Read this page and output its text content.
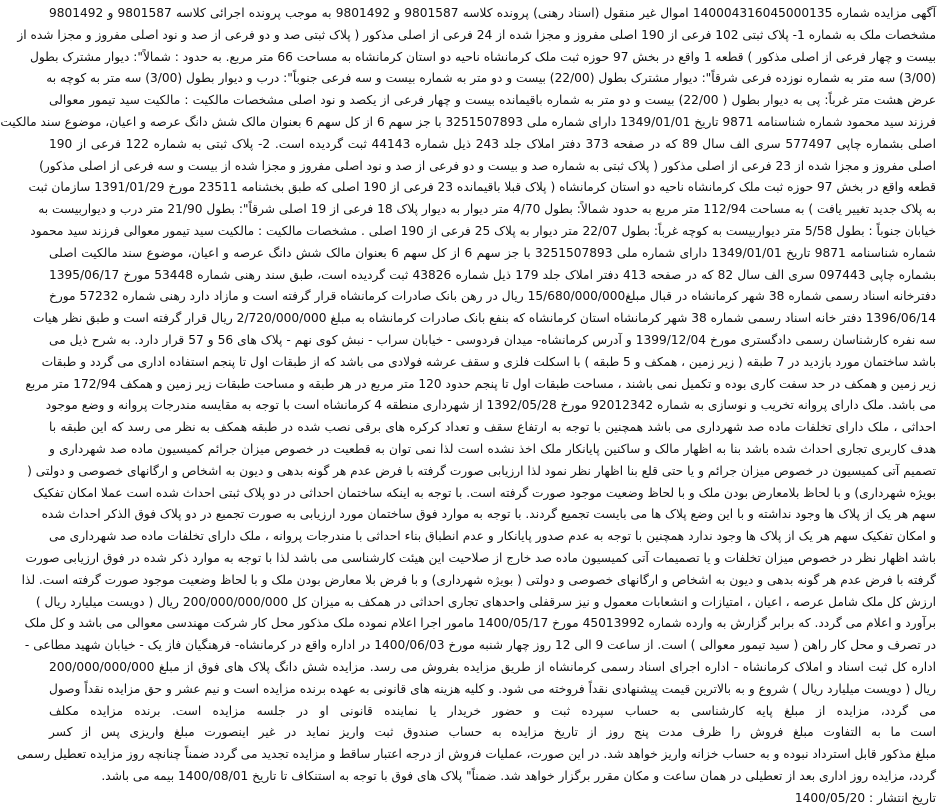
آگهی مزایده شماره 1400043160450001​35 اموال غیر منقول (اسناد رهنی) پرونده کلاسه 9801587 و 9801492 به موجب پرونده اجرائی کلاسه 9801587 و 9801492
مشخصات ملک به شماره 1- پلاک ثبتی 102 فرعی از 190 اصلی مفروز و مجزا شده از 24 فرعی از اصلی مذکور ( پلاک ثبتی صد و دو فرعی از صد و نود اصلی مفروز و مجزا شده از
بیست و چهار فرعی از اصلی مذکور ) قطعه 1 واقع در بخش 97 حوزه ثبت ملک کرمانشاه ناحیه دو استان کرمانشاه به مساحت 66 متر مربع. به حدود : شمالاً": دیوار مشترک بطول
(3/00) سه متر به شماره نوزده فرعی شرقاً": دیوار مشترک بطول (22/00) بیست و دو متر به شماره بیست و سه فرعی جنوباً": درب و دیوار بطول (3/00) سه متر به کوچه به
عرض هشت متر غرباً: پی به دیوار بطول ( 22/00) بیست و دو متر به شماره باقیمانده بیست و چهار فرعی از یکصد و نود اصلی مشخصات مالکیت : مالکیت سید تیمور معوالی
فرزند سید محمود شماره شناسنامه 9871 تاریخ 1349/01/01 دارای شماره ملی 3251507893 با جز سهم 6 از کل سهم 6 بعنوان مالک شش دانگ عرصه و اعیان، موضوع سند مالکیت
اصلی بشماره چاپی 577497 سری الف سال 89 که در صفحه 373 دفتر املاک جلد 243 ذیل شماره 44143 ثبت گردیده است. 2- پلاک ثبتی به شماره 122 فرعی از 190
اصلی مفروز و مجزا شده از 23 فرعی از اصلی مذکور ( پلاک ثبتی به شماره صد و بیست و دو فرعی از صد و نود اصلی مفروز و مجزا شده از بیست و سه فرعی از اصلی مذکور)
قطعه واقع در بخش 97 حوزه ثبت ملک کرمانشاه ناحیه دو استان کرمانشاه ( پلاک قبلا باقیمانده 23 فرعی از 190 اصلی که طبق بخشنامه 23511 مورخ 1391/01/29 سازمان ثبت
به پلاک جدید تغییر یافت ) به مساحت 112/94 متر مربع به حدود شمالاً: بطول 4/70 متر دیوار به دیوار پلاک 18 فرعی از 19 اصلی شرقاً": بطول 21/90 متر درب و دیواربیست به
خیابان جنوباً : بطول 5/58 متر دیواربیست به کوچه غرباً: بطول 22/07 متر دیوار به پلاک 25 فرعی از 190 اصلی . مشخصات مالکیت : مالکیت سید تیمور معوالی فرزند سید محمود
شماره شناسنامه 9871 تاریخ 1349/01/01 دارای شماره ملی 3251507893 با جز سهم 6 از کل سهم 6 بعنوان مالک شش دانگ عرصه و اعیان، موضوع سند مالکیت اصلی
بشماره چاپی 097443 سری الف سال 82 که در صفحه 413 دفتر املاک جلد 179 ذیل شماره 43826 ثبت گردیده است، طبق سند رهنی شماره 53448 مورخ 1395/06/17
دفترخانه اسناد رسمی شماره 38 شهر کرمانشاه در قبال مبلغ15/680/000/000 ریال در رهن بانک صادرات کرمانشاه قرار گرفته است و مازاد دارد رهنی شماره 57232 مورخ
1396/06/14 دفتر خانه اسناد رسمی شماره 38 شهر کرمانشاه استان کرمانشاه که بنفع بانک صادرات کرمانشاه به مبلغ 2/720/000/000 ریال قرار گرفته است و طبق نظر هیات
سه نفره کارشناسان رسمی دادگستری مورخ 1399/12/04 و آدرس کرمانشاه- میدان فردوسی - خیابان سراب - نبش کوی نهم - پلاک های 56 و 57 قرار دارد. به شرح ذیل می
باشد ساختمان مورد بازدید در 7 طبقه ( زیر زمین ، همکف و 5 طبقه ) با اسکلت فلزی و سقف عرشه فولادی می باشد که از طبقات اول تا پنجم استفاده اداری می گردد و طبقات
زیر زمین و همکف در حد سفت کاری بوده و تکمیل نمی باشند ، مساحت طبقات اول تا پنجم حدود 120 متر مربع در هر طبقه و مساحت طبقات زیر زمین و همکف 172/94 متر مربع
می باشد. ملک دارای پروانه تخریب و نوسازی به شماره 92012342 مورخ 1392/05/28 از شهرداری منطقه 4 کرمانشاه است با توجه به مقایسه مندرجات پروانه و وضع موجود
احداثی ، ملک دارای تخلفات ماده صد شهرداری می باشد همچنین با توجه به ارتفاع سقف و تعداد کرکره های برقی نصب شده در طبقه همکف به نظر می رسد که این طبقه با
هدف کاربری تجاری احداث شده باشد بنا به اظهار مالک و ساکنین پایانکار ملک اخذ نشده است لذا نمی توان به قطعیت در خصوص میزان جرائم کمیسیون ماده صد شهرداری و
تصمیم آتی کمیسیون در خصوص میزان جرائم و یا حتی قلع بنا اظهار نظر نمود لذا ارزیابی صورت گرفته با فرض عدم هر گونه بدهی و دیون به اشخاص و ارگانهای خصوصی و دولتی (
بویژه شهرداری) و با لحاظ بلامعارض بودن ملک و با لحاظ وضعیت موجود صورت گرفته است. با توجه به اینکه ساختمان احداثی در دو پلاک ثبتی احداث شده است عملا امکان تفکیک
سهم هر یک از پلاک ها وجود نداشته و با این وضع پلاک ها می بایست تجمیع گردند. با توجه به موارد فوق ساختمان مورد ارزیابی به صورت تجمیع در دو پلاک فوق الذکر احداث شده
و امکان تفکیک سهم هر یک از پلاک ها وجود ندارد همچنین با توجه به عدم صدور پایانکار و عدم انطباق بناء احداثی با مندرجات پروانه ، ملک دارای تخلفات ماده صد شهرداری می
باشد اظهار نظر در خصوص میزان تخلفات و یا تصمیمات آتی کمیسیون ماده صد خارج از صلاحیت این هیئت کارشناسی می باشد لذا با توجه به موارد ذکر شده در فوق ارزیابی صورت
گرفته با فرض عدم هر گونه بدهی و دیون به اشخاص و ارگانهای خصوصی و دولتی ( بویژه شهرداری) و با فرض بلا معارض بودن ملک و با لحاظ وضعیت موجود صورت گرفته است. لذا
ارزش کل ملک شامل عرصه ، اعیان ، امتیازات و انشعابات معمول و نیز سرقفلی واحدهای تجاری احداثی در همکف به میزان کل 200/000/000/000 ریال ( دویست میلیارد ریال )
برآورد و اعلام می گردد. که برابر گزارش به وارده شماره 45013992 مورخ 1400/05/17 مامور اجرا اعلام نموده ملک مذکور محل کار شرکت مهندسی معوالی می باشد و کل ملک
در تصرف و محل کار راهن ( سید تیمور معوالی ) است. از ساعت 9 الی 12 روز چهار شنبه مورخ 1400/06/03 در اداره واقع در کرمانشاه- فرهنگیان فاز یک - خیابان شهید مطاعی -
اداره کل ثبت اسناد و املاک کرمانشاه - اداره اجرای اسناد رسمی کرمانشاه از طریق مزایده بفروش می رسد. مزایده شش دانگ پلاک های فوق از مبلغ 200/000/000/000
ریال ( دویست میلیارد ریال ) شروع و به بالاترین قیمت پیشنهادی نقداً فروخته می شود. و کلیه هزینه های قانونی به عهده برنده مزایده است و نیم عشر و حق مزایده نقداً وصول
می گردد، مزایده از مبلغ پایه کارشناسی به حساب سپرده ثبت و حضور خریدار یا نماینده قانونی او در جلسه مزایده است. برنده مزایده مکلف
است ما به التفاوت مبلغ فروش را ظرف مدت پنج روز از تاریخ مزایده به حساب صندوق ثبت واریز نماید در غیر اینصورت مبلغ واریزی پس از کسر
مبلغ مذکور قابل استرداد نبوده و به حساب خزانه واریز خواهد شد. در این صورت، عملیات فروش از درجه اعتبار ساقط و مزایده تجدید می گردد ضمناً چنانچه روز مزایده تعطیل رسمی
گردد، مزایده روز اداری بعد از تعطیلی در همان ساعت و مکان مقرر برگزار خواهد شد. ضمناً" پلاک های فوق با توجه به استنکاف تا تاریخ 1400/08/01 بیمه می باشد.
تاریخ انتشار : 1400/05/20
